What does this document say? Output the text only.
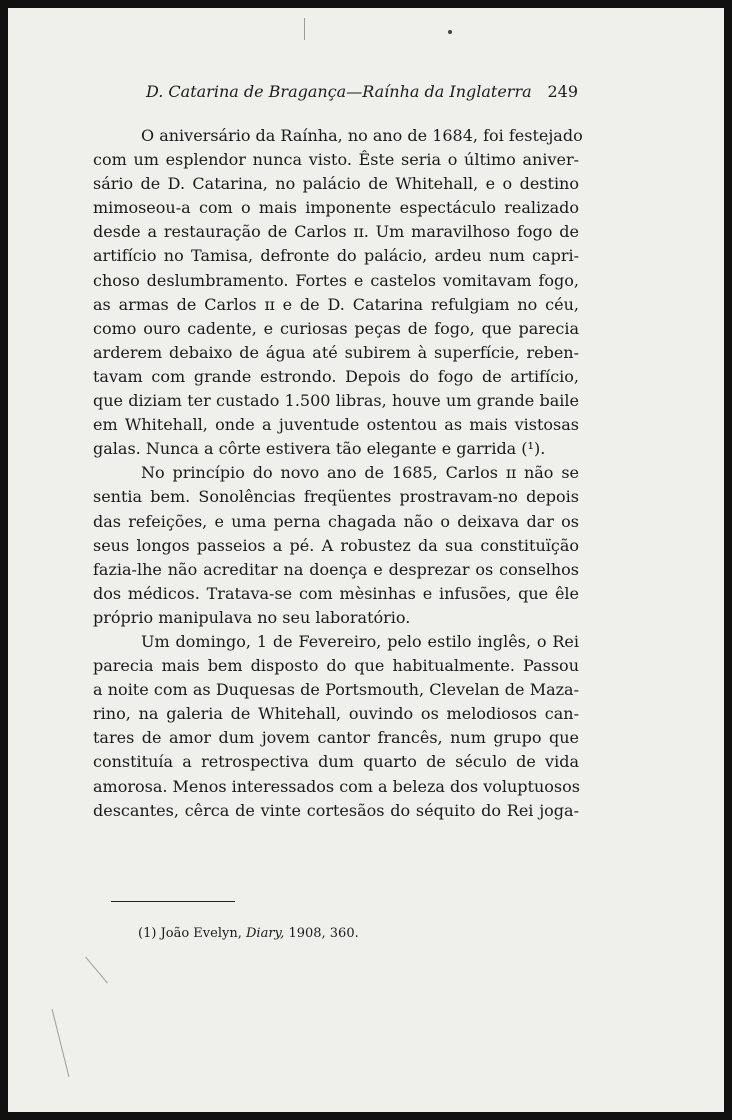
D. Catarina de Bragança—Raínha da Inglaterra 249
O aniversário da Raínha, no ano de 1684, foi festejado
com um esplendor nunca visto. Êste seria o último aniver-
sário de D. Catarina, no palácio de Whitehall, e o destino
mimoseou-a com o mais imponente espectáculo realizado
desde a restauração de Carlos ɪɪ. Um maravilhoso fogo de
artifício no Tamisa, defronte do palácio, ardeu num capri-
choso deslumbramento. Fortes e castelos vomitavam fogo,
as armas de Carlos ɪɪ e de D. Catarina refulgiam no céu,
como ouro cadente, e curiosas peças de fogo, que parecia
arderem debaixo de água até subirem à superfície, reben-
tavam com grande estrondo. Depois do fogo de artifício,
que diziam ter custado 1.500 libras, houve um grande baile
em Whitehall, onde a juventude ostentou as mais vistosas
galas. Nunca a côrte estivera tão elegante e garrida (¹).
No princípio do novo ano de 1685, Carlos ɪɪ não se
sentia bem. Sonolências freqüentes prostravam-no depois
das refeições, e uma perna chagada não o deixava dar os
seus longos passeios a pé. A robustez da sua constituïção
fazia-lhe não acreditar na doença e desprezar os conselhos
dos médicos. Tratava-se com mèsinhas e infusões, que êle
próprio manipulava no seu laboratório.
Um domingo, 1 de Fevereiro, pelo estilo inglês, o Rei
parecia mais bem disposto do que habitualmente. Passou
a noite com as Duquesas de Portsmouth, Clevelan de Maza-
rino, na galeria de Whitehall, ouvindo os melodiosos can-
tares de amor dum jovem cantor francês, num grupo que
constituía a retrospectiva dum quarto de século de vida
amorosa. Menos interessados com a beleza dos voluptuosos
descantes, cêrca de vinte cortesãos do séquito do Rei joga-
(1) João Evelyn, Diary, 1908, 360.
